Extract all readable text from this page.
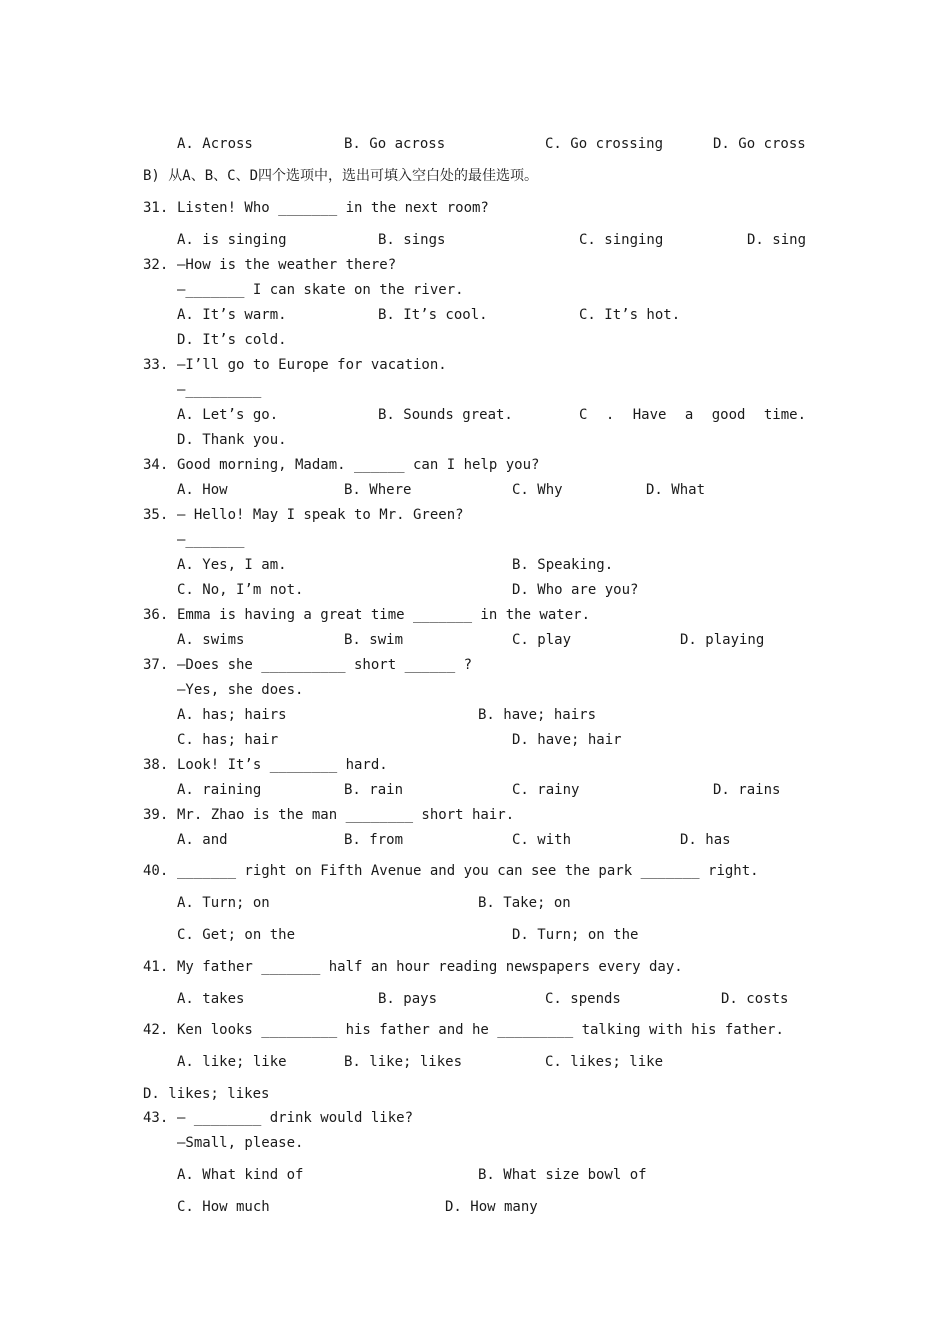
A. Across	B. Go across	C. Go crossing	D. Go cross
B) 从A、B、C、D四个选项中，选出可填入空白处的最佳选项。
31. Listen! Who _______ in the next room?
A. is singing	B. sings	C. singing	D. sing
32. —How is the weather there?
—_______ I can skate on the river.
A. It’s warm.	B. It’s cool.	C. It’s hot.
D. It’s cold.
33. —I’ll go to Europe for vacation.
—_________
A. Let’s go.	B. Sounds great.	C . Have a good time.
D. Thank you.
34. Good morning, Madam. ______ can I help you?
A. How	B. Where	C. Why	D. What
35. — Hello! May I speak to Mr. Green?
—_______
A. Yes, I am.	B. Speaking.
C. No, I’m not.	D. Who are you?
36. Emma is having a great time _______ in the water.
A. swims	B. swim	C. play	D. playing
37. —Does she __________ short ______ ?
—Yes, she does.
A. has; hairs	B. have; hairs
C. has; hair	D. have; hair
38. Look! It’s ________ hard.
A. raining	B. rain	C. rainy	D. rains
39. Mr. Zhao is the man ________ short hair.
A. and	B. from	C. with	D. has
40. _______ right on Fifth Avenue and you can see the park _______ right.
A. Turn; on	B. Take; on
C. Get; on the	D. Turn; on the
41. My father _______ half an hour reading newspapers every day.
A. takes	B. pays	C. spends	D. costs
42. Ken looks _________ his father and he _________ talking with his father.
A. like; like	B. like; likes	C. likes; like
D. likes; likes
43. — ________ drink would like?
—Small, please.
A. What kind of	B. What size bowl of
C. How much	D. How many
